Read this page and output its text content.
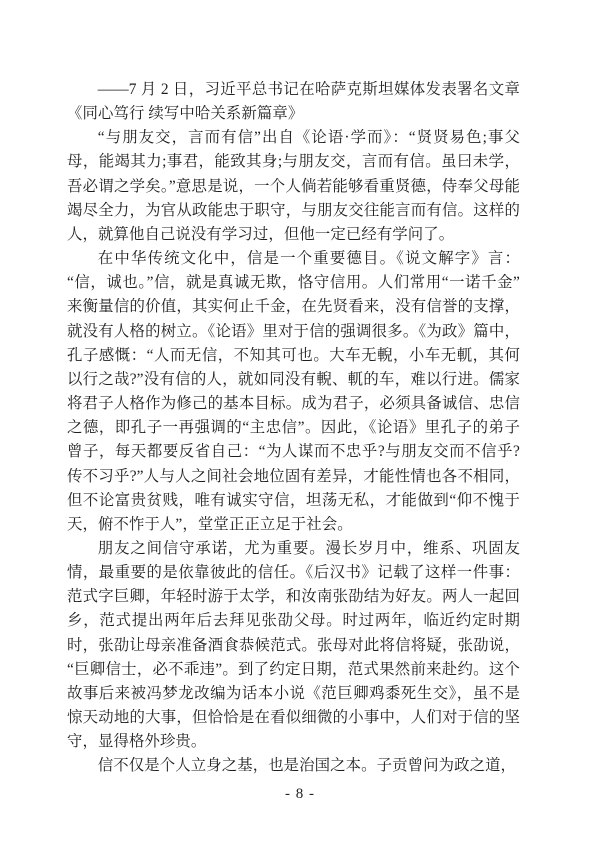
——7 月 2 日，习近平总书记在哈萨克斯坦媒体发表署名文章《同心笃行 续写中哈关系新篇章》

“与朋友交，言而有信”出自《论语·学而》：“贤贤易色;事父母，能竭其力;事君，能致其身;与朋友交，言而有信。虽曰未学，吾必谓之学矣。”意思是说，一个人倘若能够看重贤德，侍奉父母能竭尽全力，为官从政能忠于职守，与朋友交往能言而有信。这样的人，就算他自己说没有学习过，但他一定已经有学问了。

在中华传统文化中，信是一个重要德目。《说文解字》言：“信，诚也。”信，就是真诚无欺，恪守信用。人们常用“一诺千金”来衡量信的价值，其实何止千金，在先贤看来，没有信誉的支撑，就没有人格的树立。《论语》里对于信的强调很多。《为政》篇中，孔子感慨：“人而无信，不知其可也。大车无輗，小车无軏，其何以行之哉?”没有信的人，就如同没有輗、軏的车，难以行进。儒家将君子人格作为修己的基本目标。成为君子，必须具备诚信、忠信之德，即孔子一再强调的“主忠信”。因此，《论语》里孔子的弟子曾子，每天都要反省自己：“为人谋而不忠乎?与朋友交而不信乎?传不习乎?”人与人之间社会地位固有差异，才能性情也各不相同，但不论富贵贫贱，唯有诚实守信，坦荡无私，才能做到“仰不愧于天，俯不怍于人”，堂堂正正立足于社会。

朋友之间信守承诺，尤为重要。漫长岁月中，维系、巩固友情，最重要的是依靠彼此的信任。《后汉书》记载了这样一件事：范式字巨卿，年轻时游于太学，和汝南张劭结为好友。两人一起回乡，范式提出两年后去拜见张劭父母。时过两年，临近约定时期时，张劭让母亲准备酒食恭候范式。张母对此将信将疑，张劭说，“巨卿信士，必不乖违”。到了约定日期，范式果然前来赴约。这个故事后来被冯梦龙改编为话本小说《范巨卿鸡黍死生交》，虽不是惊天动地的大事，但恰恰是在看似细微的小事中，人们对于信的坚守，显得格外珍贵。

信不仅是个人立身之基，也是治国之本。子贡曾问为政之道，

- 8 -
